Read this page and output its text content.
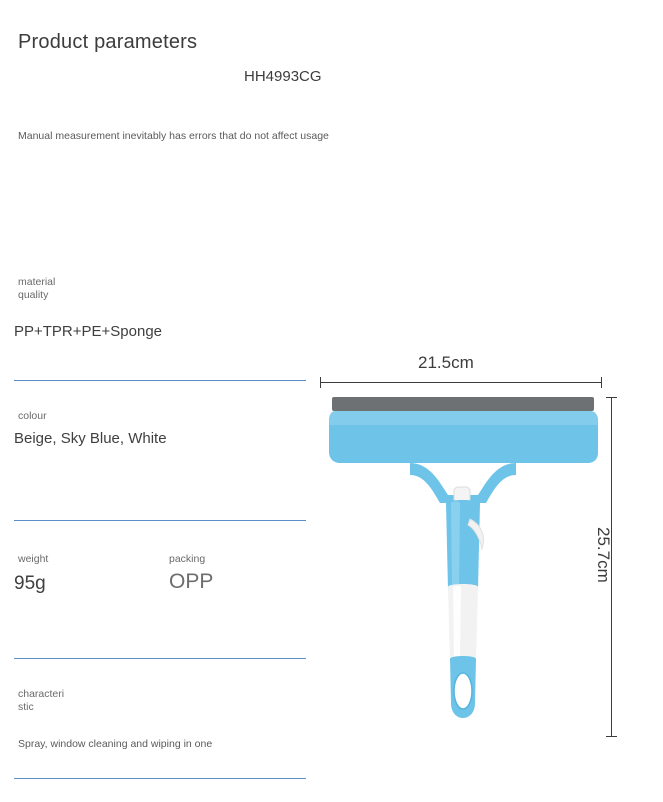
Product parameters
HH4993CG
Manual measurement inevitably has errors that do not affect usage
material
quality
PP+TPR+PE+Sponge
colour
Beige, Sky Blue, White
weight
95g
packing
OPP
characteri
stic
Spray, window cleaning and wiping in one
21.5cm
25.7cm
